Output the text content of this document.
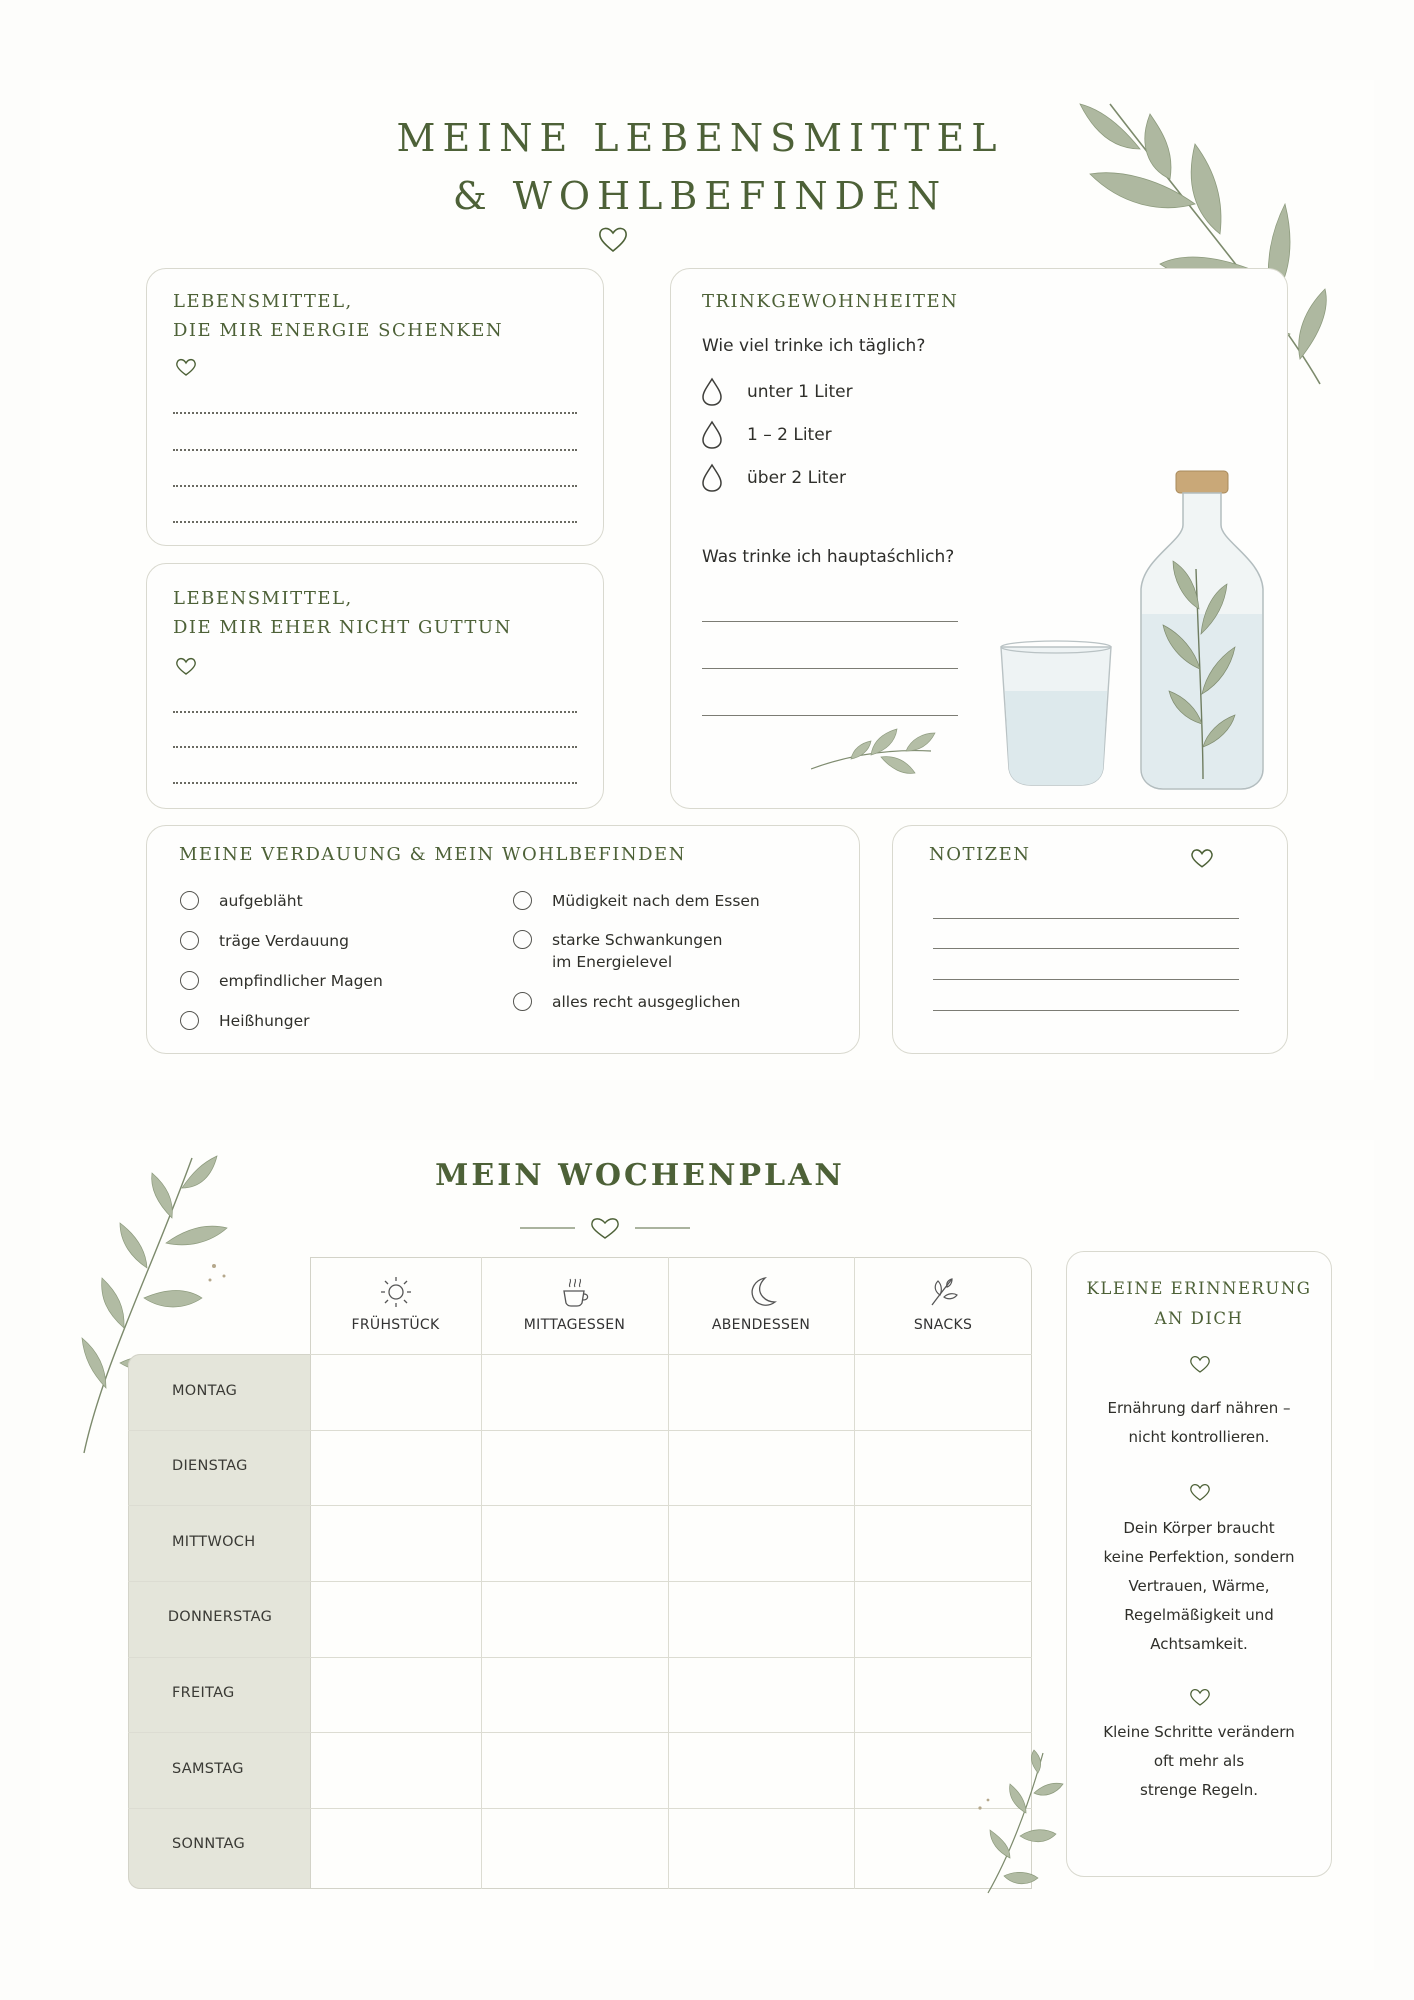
MEINE LEBENSMITTEL
& WOHLBEFINDEN
LEBENSMITTEL,
DIE MIR ENERGIE SCHENKEN
LEBENSMITTEL,
DIE MIR EHER NICHT GUTTUN
TRINKGEWOHNHEITEN
Wie viel trinke ich täglich?
unter 1 Liter
1 – 2 Liter
über 2 Liter
Was trinke ich hauptaśchlich?
MEINE VERDAUUNG & MEIN WOHLBEFINDEN
aufgebläht
träge Verdauung
empfindlicher Magen
Heißhunger
Müdigkeit nach dem Essen
starke Schwankungen
im Energielevel
alles recht ausgeglichen
NOTIZEN
MEIN WOCHENPLAN
FRÜHSTÜCK	MITTAGESSEN	ABENDESSEN	SNACKS
MONTAG
DIENSTAG
MITTWOCH
DONNERSTAG
FREITAG
SAMSTAG
SONNTAG
KLEINE ERINNERUNG
AN DICH
Ernährung darf nähren –
nicht kontrollieren.
Dein Körper braucht
keine Perfektion, sondern
Vertrauen, Wärme,
Regelmäßigkeit und
Achtsamkeit.
Kleine Schritte verändern
oft mehr als
strenge Regeln.
